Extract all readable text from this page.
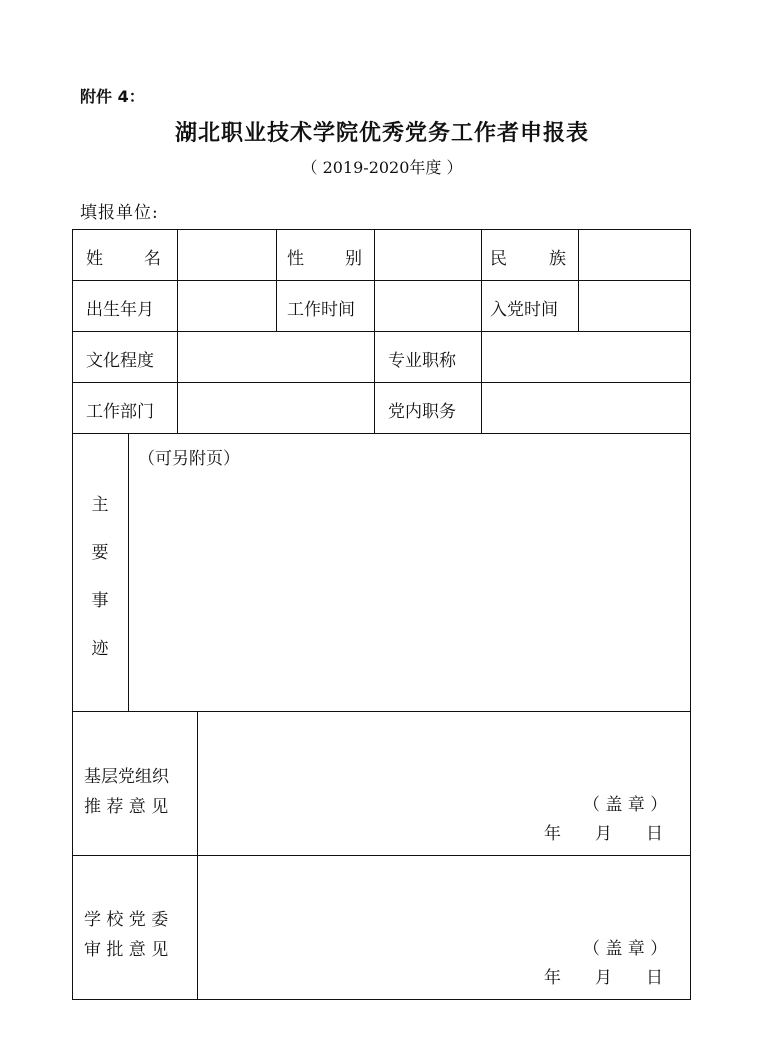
附件 4：
湖北职业技术学院优秀党务工作者申报表
（ 2019-2020年度 ）
填报单位:
姓 名	性 别	民 族
出生年月	工作时间	入党时间
文化程度	专业职称
工作部门	党内职务
主
要
事
迹
（可另附页）
基层党组织
推 荐 意 见	（ 盖 章 ）
年　　月　　日
学 校 党 委
审 批 意 见	（ 盖 章 ）
年　　月　　日
